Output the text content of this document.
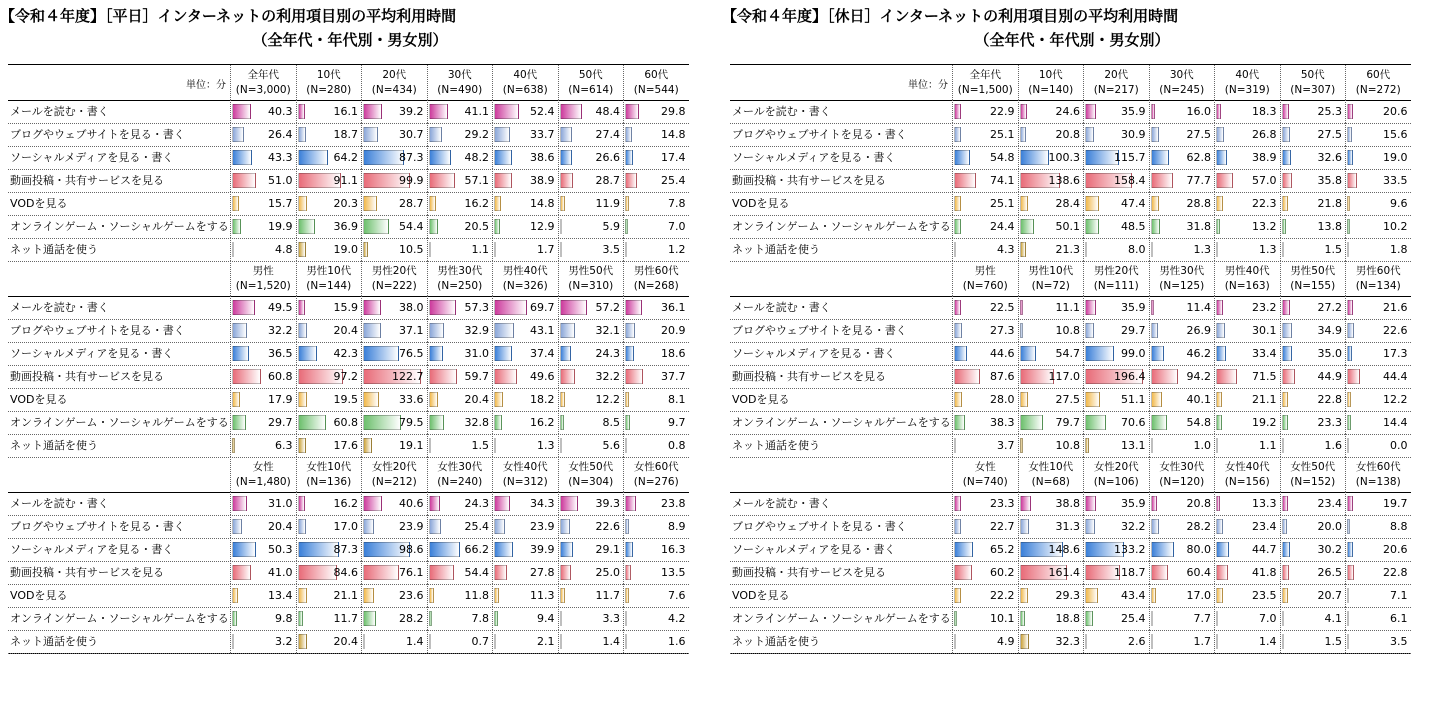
【令和４年度】［平日］インターネットの利用項目別の平均利用時間
（全年代・年代別・男女別）
単位：分
全年代
(N=3,000)
10代
(N=280)
20代
(N=434)
30代
(N=490)
40代
(N=638)
50代
(N=614)
60代
(N=544)
メールを読む・書く	40.3	16.1	39.2	41.1	52.4	48.4	29.8
ブログやウェブサイトを見る・書く	26.4	18.7	30.7	29.2	33.7	27.4	14.8
ソーシャルメディアを見る・書く	43.3	64.2	87.3	48.2	38.6	26.6	17.4
動画投稿・共有サービスを見る	51.0	91.1	99.9	57.1	38.9	28.7	25.4
VODを見る	15.7	20.3	28.7	16.2	14.8	11.9	7.8
オンラインゲーム・ソーシャルゲームをする	19.9	36.9	54.4	20.5	12.9	5.9	7.0
ネット通話を使う	4.8	19.0	10.5	1.1	1.7	3.5	1.2
男性
(N=1,520)
男性10代
(N=144)
男性20代
(N=222)
男性30代
(N=250)
男性40代
(N=326)
男性50代
(N=310)
男性60代
(N=268)
メールを読む・書く	49.5	15.9	38.0	57.3	69.7	57.2	36.1
ブログやウェブサイトを見る・書く	32.2	20.4	37.1	32.9	43.1	32.1	20.9
ソーシャルメディアを見る・書く	36.5	42.3	76.5	31.0	37.4	24.3	18.6
動画投稿・共有サービスを見る	60.8	97.2	122.7	59.7	49.6	32.2	37.7
VODを見る	17.9	19.5	33.6	20.4	18.2	12.2	8.1
オンラインゲーム・ソーシャルゲームをする	29.7	60.8	79.5	32.8	16.2	8.5	9.7
ネット通話を使う	6.3	17.6	19.1	1.5	1.3	5.6	0.8
女性
(N=1,480)
女性10代
(N=136)
女性20代
(N=212)
女性30代
(N=240)
女性40代
(N=312)
女性50代
(N=304)
女性60代
(N=276)
メールを読む・書く	31.0	16.2	40.6	24.3	34.3	39.3	23.8
ブログやウェブサイトを見る・書く	20.4	17.0	23.9	25.4	23.9	22.6	8.9
ソーシャルメディアを見る・書く	50.3	87.3	98.6	66.2	39.9	29.1	16.3
動画投稿・共有サービスを見る	41.0	84.6	76.1	54.4	27.8	25.0	13.5
VODを見る	13.4	21.1	23.6	11.8	11.3	11.7	7.6
オンラインゲーム・ソーシャルゲームをする	9.8	11.7	28.2	7.8	9.4	3.3	4.2
ネット通話を使う	3.2	20.4	1.4	0.7	2.1	1.4	1.6
【令和４年度】［休日］インターネットの利用項目別の平均利用時間
（全年代・年代別・男女別）
単位：分
全年代
(N=1,500)
10代
(N=140)
20代
(N=217)
30代
(N=245)
40代
(N=319)
50代
(N=307)
60代
(N=272)
メールを読む・書く	22.9	24.6	35.9	16.0	18.3	25.3	20.6
ブログやウェブサイトを見る・書く	25.1	20.8	30.9	27.5	26.8	27.5	15.6
ソーシャルメディアを見る・書く	54.8	100.3	115.7	62.8	38.9	32.6	19.0
動画投稿・共有サービスを見る	74.1	138.6	158.4	77.7	57.0	35.8	33.5
VODを見る	25.1	28.4	47.4	28.8	22.3	21.8	9.6
オンラインゲーム・ソーシャルゲームをする	24.4	50.1	48.5	31.8	13.2	13.8	10.2
ネット通話を使う	4.3	21.3	8.0	1.3	1.3	1.5	1.8
男性
(N=760)
男性10代
(N=72)
男性20代
(N=111)
男性30代
(N=125)
男性40代
(N=163)
男性50代
(N=155)
男性60代
(N=134)
メールを読む・書く	22.5	11.1	35.9	11.4	23.2	27.2	21.6
ブログやウェブサイトを見る・書く	27.3	10.8	29.7	26.9	30.1	34.9	22.6
ソーシャルメディアを見る・書く	44.6	54.7	99.0	46.2	33.4	35.0	17.3
動画投稿・共有サービスを見る	87.6	117.0	196.4	94.2	71.5	44.9	44.4
VODを見る	28.0	27.5	51.1	40.1	21.1	22.8	12.2
オンラインゲーム・ソーシャルゲームをする	38.3	79.7	70.6	54.8	19.2	23.3	14.4
ネット通話を使う	3.7	10.8	13.1	1.0	1.1	1.6	0.0
女性
(N=740)
女性10代
(N=68)
女性20代
(N=106)
女性30代
(N=120)
女性40代
(N=156)
女性50代
(N=152)
女性60代
(N=138)
メールを読む・書く	23.3	38.8	35.9	20.8	13.3	23.4	19.7
ブログやウェブサイトを見る・書く	22.7	31.3	32.2	28.2	23.4	20.0	8.8
ソーシャルメディアを見る・書く	65.2	148.6	133.2	80.0	44.7	30.2	20.6
動画投稿・共有サービスを見る	60.2	161.4	118.7	60.4	41.8	26.5	22.8
VODを見る	22.2	29.3	43.4	17.0	23.5	20.7	7.1
オンラインゲーム・ソーシャルゲームをする	10.1	18.8	25.4	7.7	7.0	4.1	6.1
ネット通話を使う	4.9	32.3	2.6	1.7	1.4	1.5	3.5
